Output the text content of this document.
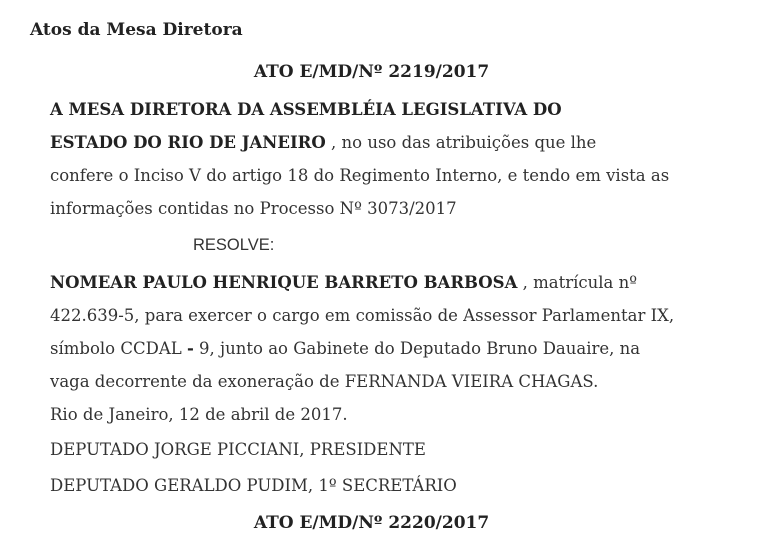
Atos da Mesa Diretora
ATO E/MD/Nº 2219/2017
A MESA DIRETORA DA ASSEMBLÉIA LEGISLATIVA DO
ESTADO DO RIO DE JANEIRO , no uso das atribuições que lhe
confere o Inciso V do artigo 18 do Regimento Interno, e tendo em vista as
informações contidas no Processo Nº 3073/2017
RESOLVE:
NOMEAR PAULO HENRIQUE BARRETO BARBOSA , matrícula nº
422.639-5, para exercer o cargo em comissão de Assessor Parlamentar IX,
símbolo CCDAL - 9, junto ao Gabinete do Deputado Bruno Dauaire, na
vaga decorrente da exoneração de FERNANDA VIEIRA CHAGAS.
Rio de Janeiro, 12 de abril de 2017.
DEPUTADO JORGE PICCIANI, PRESIDENTE
DEPUTADO GERALDO PUDIM, 1º SECRETÁRIO
ATO E/MD/Nº 2220/2017
